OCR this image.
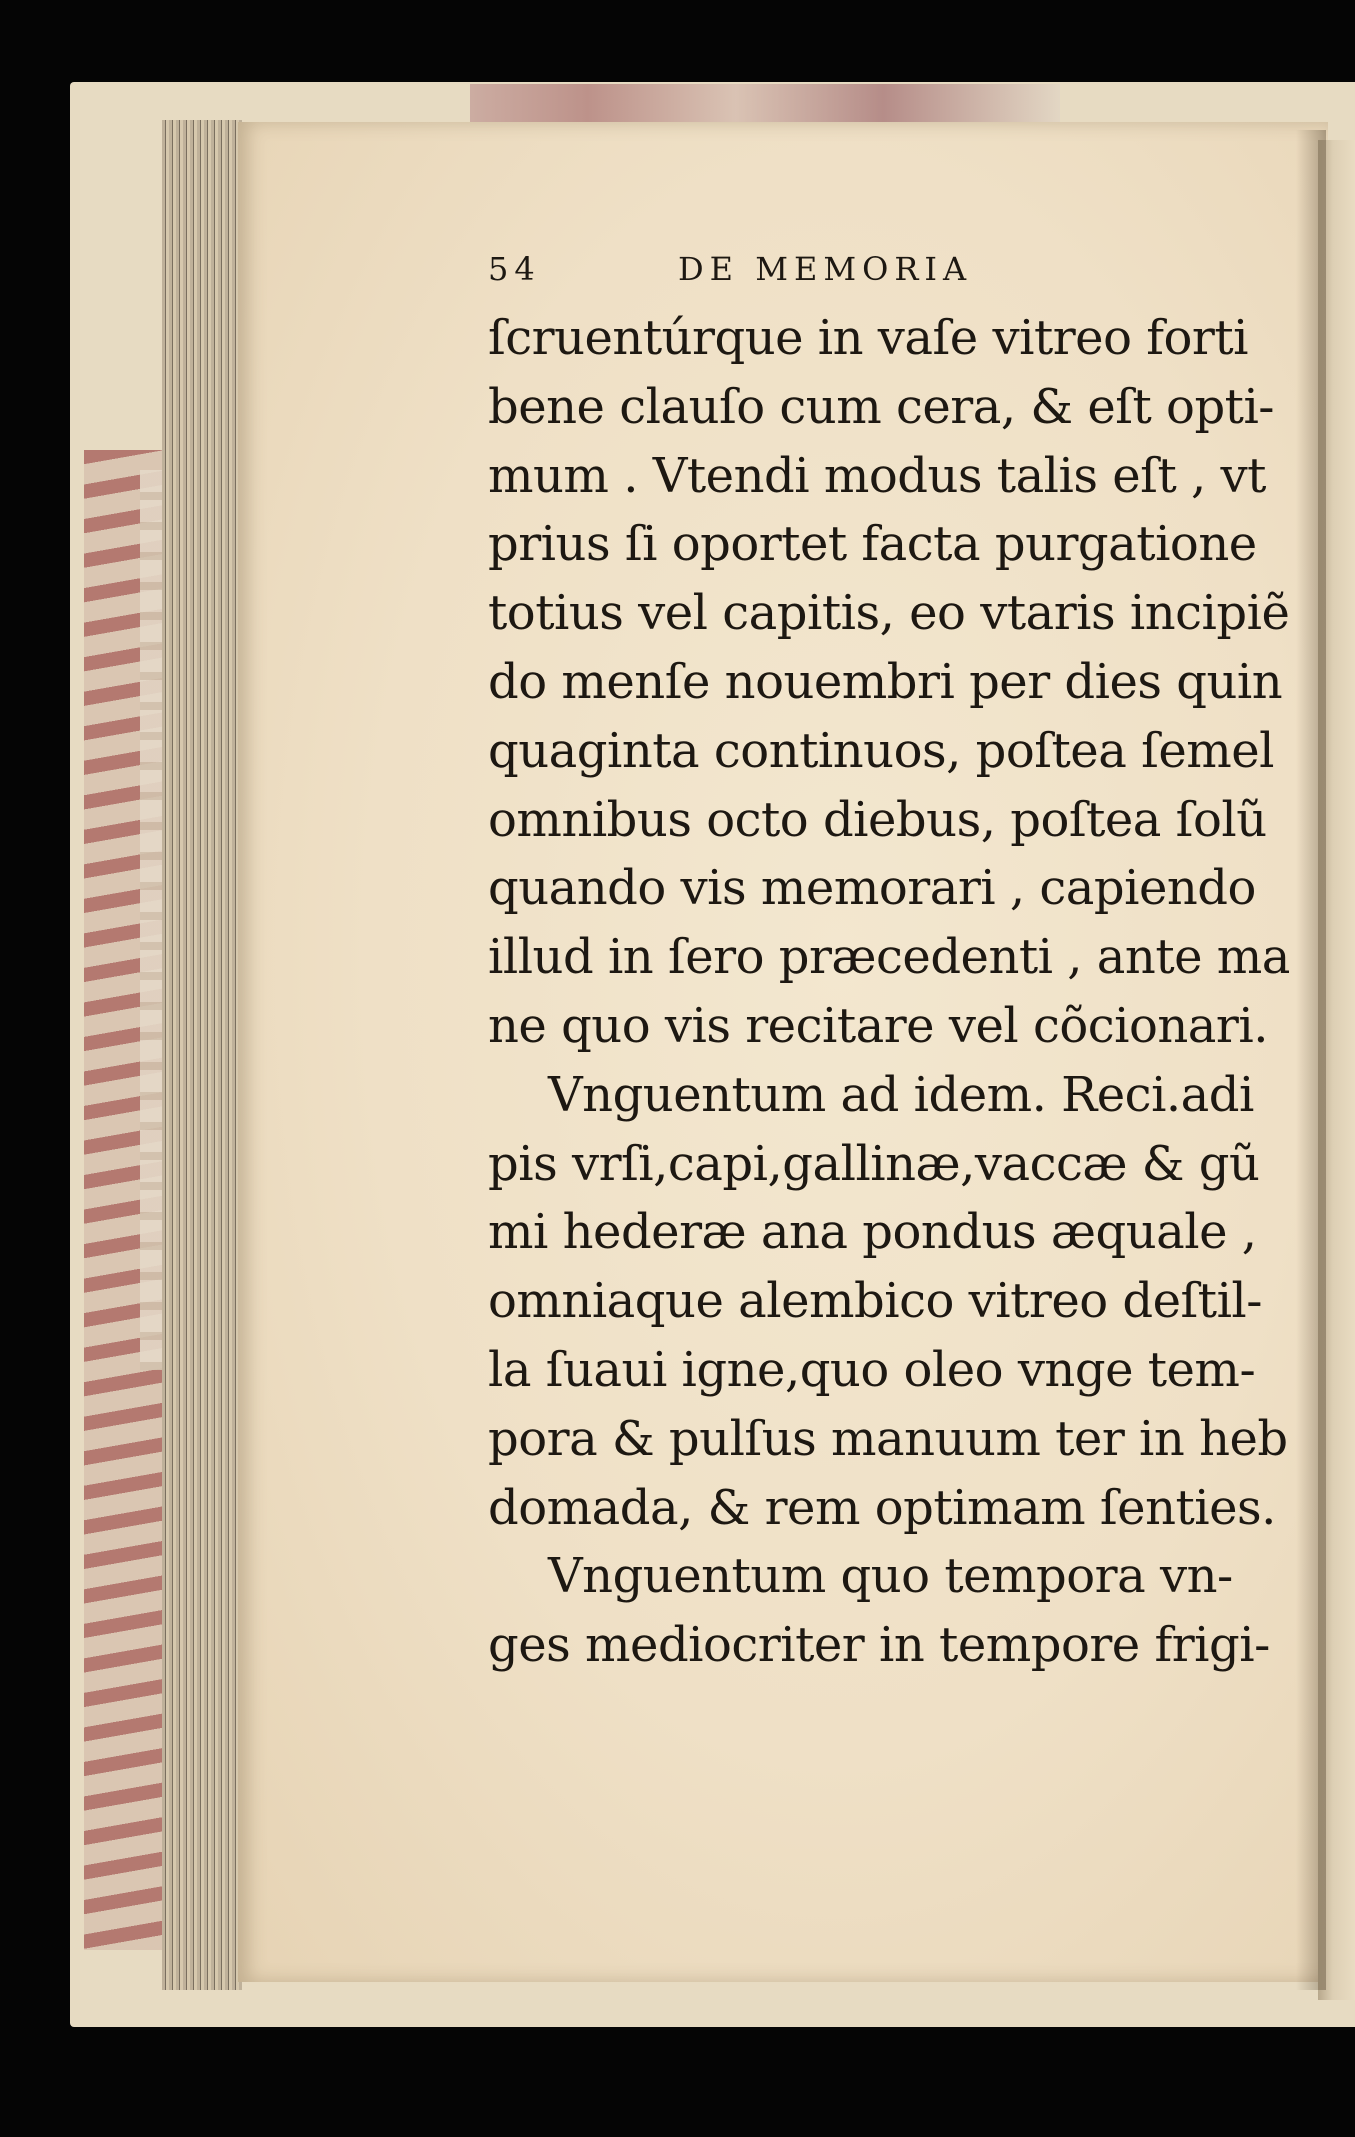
54	DE MEMORIA
ſcruentúrque in vaſe vitreo forti
bene clauſo cum cera, & eſt opti-
mum . Vtendi modus talis eſt , vt
prius ſi oportet facta purgatione
totius vel capitis, eo vtaris incipiẽ
do menſe nouembri per dies quin
quaginta continuos, poſtea ſemel
omnibus octo diebus, poſtea ſolũ
quando vis memorari , capiendo
illud in ſero præcedenti , ante ma
ne quo vis recitare vel cõcionari.
Vnguentum ad idem. Reci.adi
pis vrſi,capi,gallinæ,vaccæ & gũ
mi hederæ ana pondus æquale ,
omniaque alembico vitreo deſtil-
la ſuaui igne,quo oleo vnge tem-
pora & pulſus manuum ter in heb
domada, & rem optimam ſenties.
Vnguentum quo tempora vn-
ges mediocriter in tempore frigi-
